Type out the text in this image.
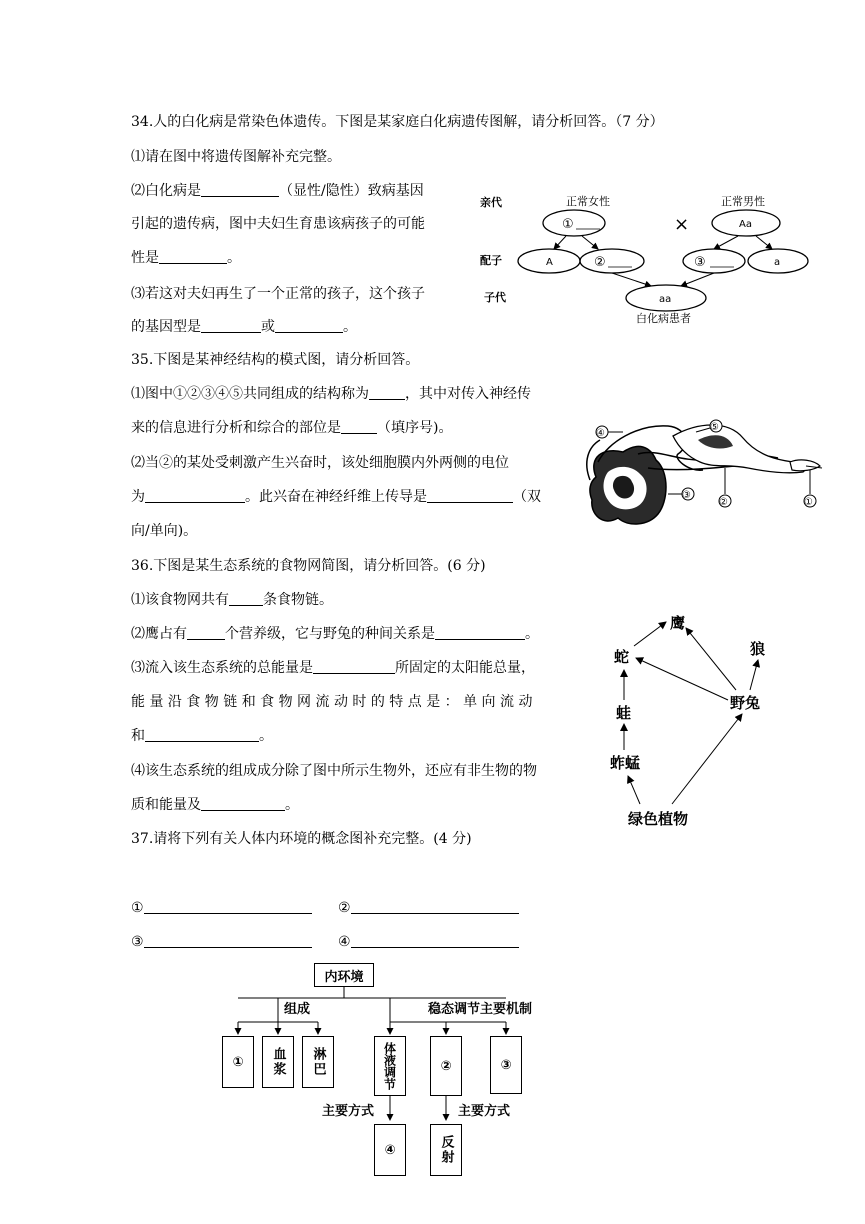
34.人的白化病是常染色体遗传。下图是某家庭白化病遗传图解，请分析回答。（7 分）
⑴请在图中将遗传图解补充完整。
⑵白化病是	（显性/隐性）致病基因
引起的遗传病，图中夫妇生育患该病孩子的可能
性是	。
⑶若这对夫妇再生了一个正常的孩子，这个孩子
的基因型是	或	。
亲代
配子
子代
正常女性	正常男性
①	×	Aa
A	②	③	a
aa
白化病患者
35.下图是某神经结构的模式图，请分析回答。
⑴图中①②③④⑤共同组成的结构称为	，其中对传入神经传
来的信息进行分析和综合的部位是	（填序号)。
⑵当②的某处受刺激产生兴奋时，该处细胞膜内外两侧的电位
为	。此兴奋在神经纤维上传导是	（双
向/单向)。
④
⑤
③
②	①
36.下图是某生态系统的食物网简图，请分析回答。(6 分)
⑴该食物网共有 条食物链。
⑵鹰占有	个营养级，它与野兔的种间关系是	。
⑶流入该生态系统的总能量是	所固定的太阳能总量，
能 量 沿 食 物 链 和 食 物 网 流 动 时 的 特 点 是 ： 单 向 流 动
和	。
⑷该生态系统的组成成分除了图中所示生物外，还应有非生物的物
质和能量及	。
鹰
蛇	狼
蛙
野兔
蚱蜢
绿色植物
37.请将下列有关人体内环境的概念图补充完整。(4 分)
①	②
③	④
内环境
组成	稳态调节主要机制
①	血浆	淋巴	体液调节	②	③
主要方式	主要方式
④	反射
